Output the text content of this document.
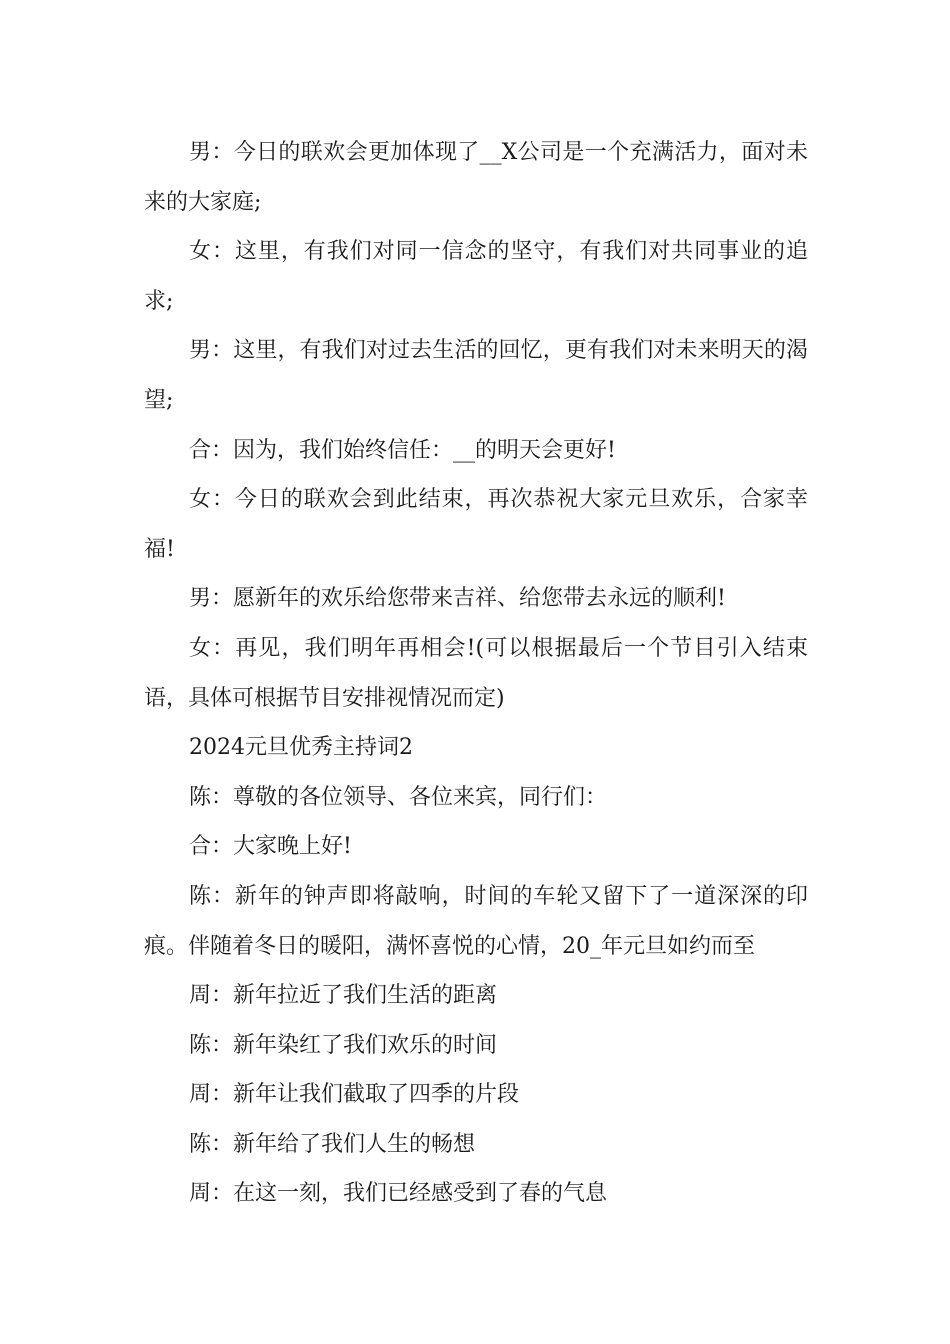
男：今日的联欢会更加体现了__X公司是一个充满活力，面对未来的大家庭;

女：这里，有我们对同一信念的坚守，有我们对共同事业的追求;

男：这里，有我们对过去生活的回忆，更有我们对未来明天的渴望;

合：因为，我们始终信任：__的明天会更好!

女：今日的联欢会到此结束，再次恭祝大家元旦欢乐，合家幸福!

男：愿新年的欢乐给您带来吉祥、给您带去永远的顺利!

女：再见，我们明年再相会!(可以根据最后一个节目引入结束语，具体可根据节目安排视情况而定)

2024元旦优秀主持词2

陈：尊敬的各位领导、各位来宾，同行们：

合：大家晚上好!

陈：新年的钟声即将敲响，时间的车轮又留下了一道深深的印痕。伴随着冬日的暖阳，满怀喜悦的心情，20_年元旦如约而至

周：新年拉近了我们生活的距离

陈：新年染红了我们欢乐的时间

周：新年让我们截取了四季的片段

陈：新年给了我们人生的畅想

周：在这一刻，我们已经感受到了春的气息
